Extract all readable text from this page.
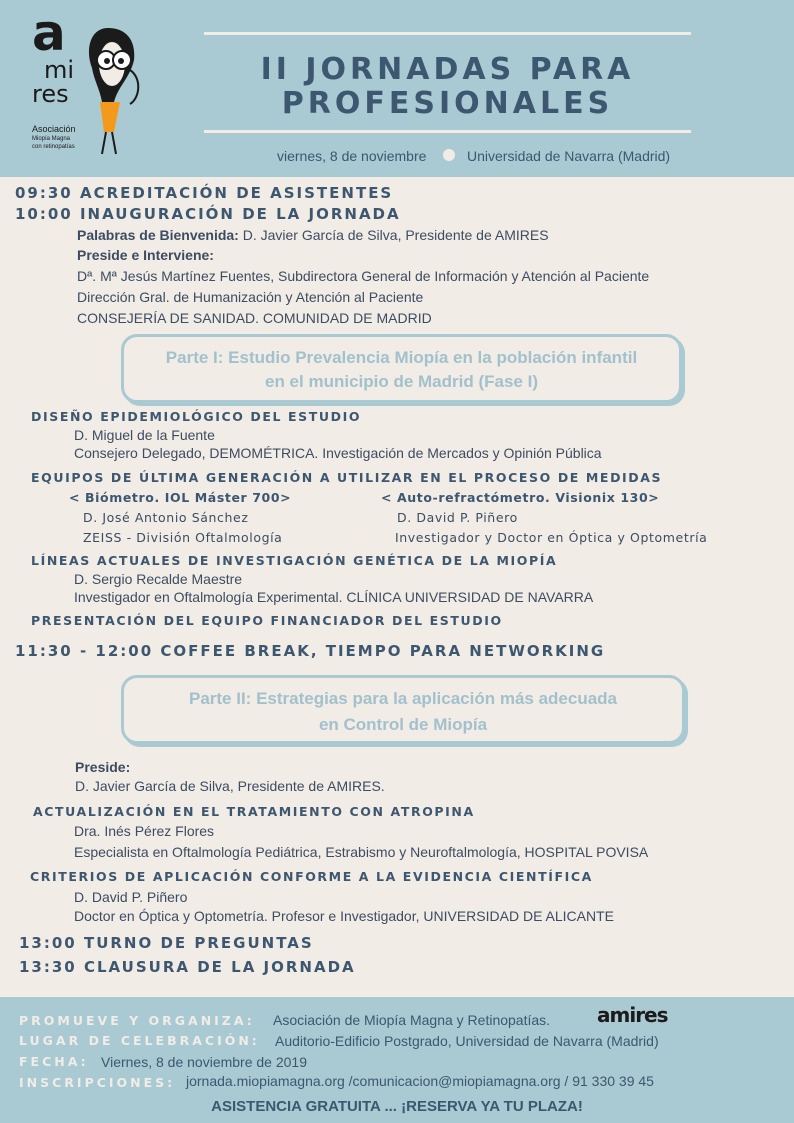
a
mi
res
Asociación
Miopía Magna
con retinopatías
II JORNADAS PARA
PROFESIONALES
viernes, 8 de noviembre	Universidad de Navarra (Madrid)
09:30 ACREDITACIÓN DE ASISTENTES
10:00 INAUGURACIÓN DE LA JORNADA
Palabras de Bienvenida: D. Javier García de Silva, Presidente de AMIRES
Preside e Interviene:
Dª. Mª Jesús Martínez Fuentes, Subdirectora General de Información y Atención al Paciente
Dirección Gral. de Humanización y Atención al Paciente
CONSEJERÍA DE SANIDAD. COMUNIDAD DE MADRID
Parte I: Estudio Prevalencia Miopía en la población infantil
en el municipio de Madrid (Fase I)
DISEÑO EPIDEMIOLÓGICO DEL ESTUDIO
D. Miguel de la Fuente
Consejero Delegado, DEMOMÉTRICA. Investigación de Mercados y Opinión Pública
EQUIPOS DE ÚLTIMA GENERACIÓN A UTILIZAR EN EL PROCESO DE MEDIDAS
< Biómetro. IOL Máster 700>
D. José Antonio Sánchez
ZEISS - División Oftalmología
< Auto-refractómetro. Visionix 130>
D. David P. Piñero
Investigador y Doctor en Óptica y Optometría
LÍNEAS ACTUALES DE INVESTIGACIÓN GENÉTICA DE LA MIOPÍA
D. Sergio Recalde Maestre
Investigador en Oftalmología Experimental. CLÍNICA UNIVERSIDAD DE NAVARRA
PRESENTACIÓN DEL EQUIPO FINANCIADOR DEL ESTUDIO
11:30 - 12:00 COFFEE BREAK, TIEMPO PARA NETWORKING
Parte II: Estrategias para la aplicación más adecuada
en Control de Miopía
Preside:
D. Javier García de Silva, Presidente de AMIRES.
ACTUALIZACIÓN EN EL TRATAMIENTO CON ATROPINA
Dra. Inés Pérez Flores
Especialista en Oftalmología Pediátrica, Estrabismo y Neuroftalmología, HOSPITAL POVISA
CRITERIOS DE APLICACIÓN CONFORME A LA EVIDENCIA CIENTÍFICA
D. David P. Piñero
Doctor en Óptica y Optometría. Profesor e Investigador, UNIVERSIDAD DE ALICANTE
13:00 TURNO DE PREGUNTAS
13:30 CLAUSURA DE LA JORNADA
PROMUEVE Y ORGANIZA: Asociación de Miopía Magna y Retinopatías. amires
LUGAR DE CELEBRACIÓN: Auditorio-Edificio Postgrado, Universidad de Navarra (Madrid)
FECHA: Viernes, 8 de noviembre de 2019
INSCRIPCIONES: jornada.miopiamagna.org /comunicacion@miopiamagna.org / 91 330 39 45
ASISTENCIA GRATUITA ... ¡RESERVA YA TU PLAZA!
